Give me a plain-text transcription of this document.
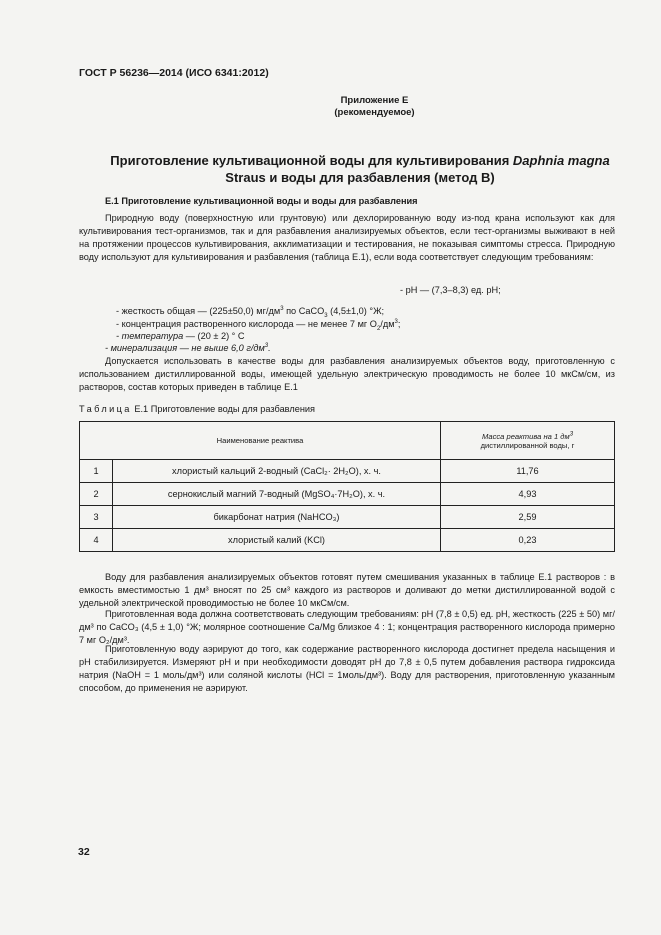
ГОСТ Р 56236—2014 (ИСО 6341:2012)
Приложение Е
(рекомендуемое)
Приготовление культивационной воды для культивирования Daphnia magna
Straus и воды для разбавления (метод В)
Е.1 Приготовление культивационной воды и воды для разбавления
Природную воду (поверхностную или грунтовую) или дехлорированную воду из-под крана используют как для культивирования тест-организмов, так и для разбавления анализируемых объектов, если тест-организмы выживают в ней на протяжении процессов культивирования, акклиматизации и тестирования, не показывая симптомы стресса. Природную воду используют для культивирования и разбавления (таблица Е.1), если вода соответствует следующим требованиям:
- рН — (7,3–8,3) ед. рН;
- жесткость общая — (225±50,0) $мг/дм^3$ по CaCO$_3$ (4,5±1,0) °Ж;
- концентрация растворенного кислорода — не менее 7 мг $O_2/дм^3$;
- температура — (20 ± 2) ° С
- минерализация — не выше 6,0 $г/дм^3$.
Допускается использовать в качестве воды для разбавления анализируемых объектов воду, приготовленную с использованием дистиллированной воды, имеющей удельную электрическую проводимость не более 10 мкСм/см, из растворов, состав которых приведен в таблице Е.1
Таблица Е.1 Приготовление воды для разбавления
Наименование реактива		Масса реактива на 1 $дм^3$
дистиллированной воды, г
1	хлористый кальций 2-водный (CaCl₂· 2H₂O), х. ч.	11,76
2	сернокислый магний 7-водный (MgSO₄·7H₂O), х. ч.	4,93
3	бикарбонат натрия (NaHCO₃)	2,59
4	хлористый калий (KCl)	0,23
Воду для разбавления анализируемых объектов готовят путем смешивания указанных в таблице Е.1 растворов : в емкость вместимостью 1 дм³ вносят по 25 см³ каждого из растворов и доливают до метки дистиллированной водой с удельной электрической проводимостью не более 10 мкСм/см.
Приготовленная вода должна соответствовать следующим требованиям: рН (7,8 ± 0,5) ед. рН, жесткость (225 ± 50) мг/дм³ по CaCO₃ (4,5 ± 1,0) °Ж; молярное соотношение Ca/Mg близкое 4 : 1; концентрация растворенного кислорода примерно 7 мг O₂/дм³.
Приготовленную воду аэрируют до того, как содержание растворенного кислорода достигнет предела насыщения и рН стабилизируется. Измеряют рН и при необходимости доводят рН до 7,8 ± 0,5 путем добавления раствора гидроксида натрия (NaOH = 1 моль/дм³) или соляной кислоты (HCl = 1моль/дм³). Воду для растворения, приготовленную указанным способом, до применения не аэрируют.
32
